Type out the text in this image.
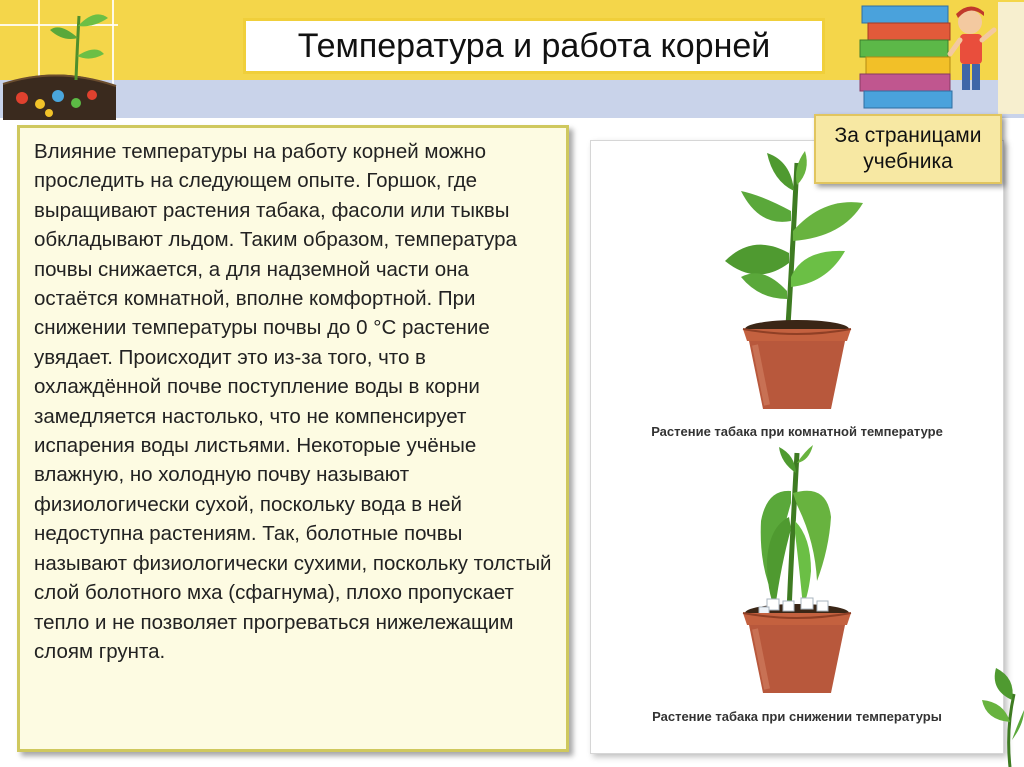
Температура и работа корней

Влияние температуры на работу корней можно проследить на следующем опыте. Горшок, где выращивают растения табака, фасоли или тыквы обкладывают льдом. Таким образом, температура почвы снижается, а для надземной части она остаётся комнатной, вполне комфортной. При снижении температуры почвы до 0 °С растение увядает. Происходит это из-за того, что в охлаждённой почве поступление воды в корни замедляется настолько, что не компенсирует испарения воды листьями. Некоторые учёные влажную, но холодную почву называют физиологически сухой, поскольку вода в ней недоступна растениям. Так, болотные почвы называют физиологически сухими, поскольку толстый слой болотного мха (сфагнума), плохо пропускает тепло и не позволяет прогреваться нижележащим слоям грунта.

Растение табака при комнатной температуре
Растение табака при снижении температуры
За страницами
учебника
